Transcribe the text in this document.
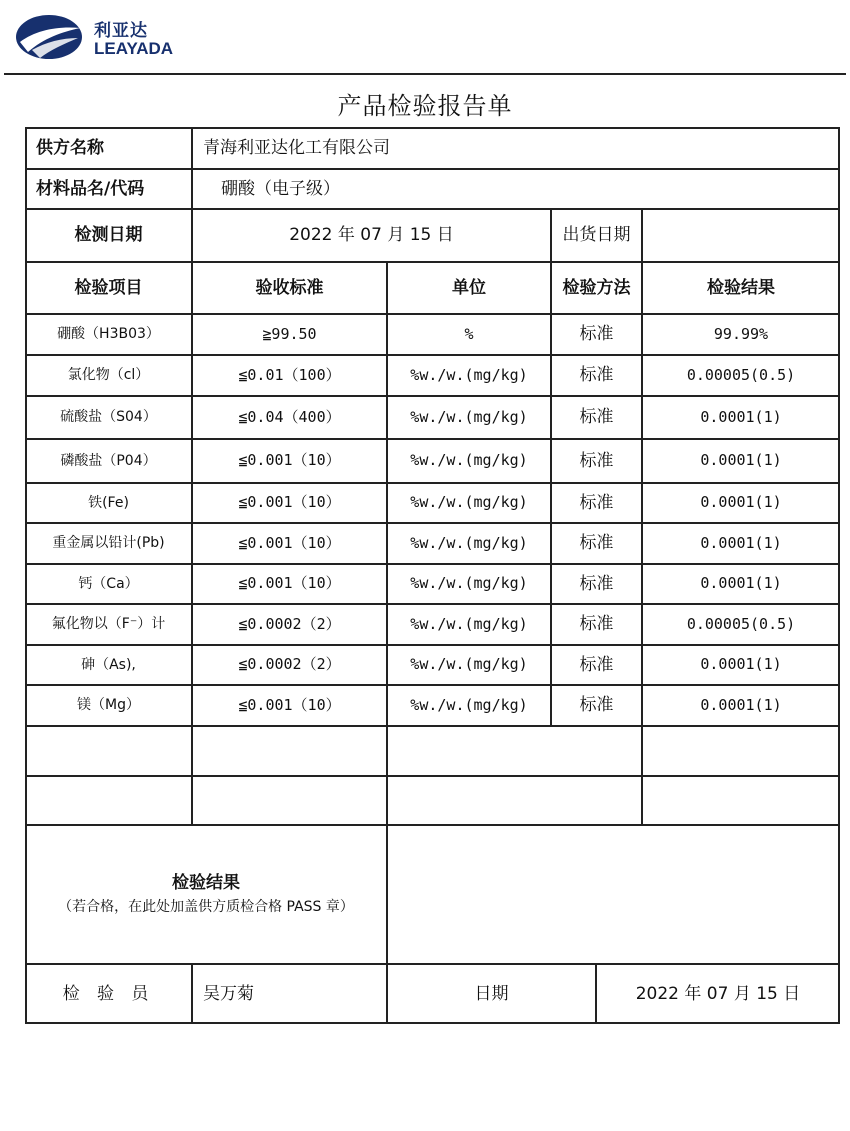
利亚达
LEAYADA
产品检验报告单
供方名称	青海利亚达化工有限公司
材料品名/代码	硼酸（电子级）
检测日期	2022 年 07 月 15 日	出货日期
检验项目	验收标准	单位	检验方法	检验结果
检验结果
（若合格，在此处加盖供方质检合格 PASS 章）
检 验 员	吴万菊	日期	2022 年 07 月 15 日
硼酸（H3B03）	≧99.50	%	标准	99.99%
氯化物（cl）	≦0.01（100）	%w./w.(mg/kg)	标准	0.00005(0.5)
硫酸盐（S04）	≦0.04（400）	%w./w.(mg/kg)	标准	0.0001(1)
磷酸盐（P04）	≦0.001（10）	%w./w.(mg/kg)	标准	0.0001(1)
铁(Fe)	≦0.001（10）	%w./w.(mg/kg)	标准	0.0001(1)
重金属以铅计(Pb)	≦0.001（10）	%w./w.(mg/kg)	标准	0.0001(1)
钙（Ca）	≦0.001（10）	%w./w.(mg/kg)	标准	0.0001(1)
氟化物以（F⁻）计	≦0.0002（2）	%w./w.(mg/kg)	标准	0.00005(0.5)
砷（As),	≦0.0002（2）	%w./w.(mg/kg)	标准	0.0001(1)
镁（Mg）	≦0.001（10）	%w./w.(mg/kg)	标准	0.0001(1)
